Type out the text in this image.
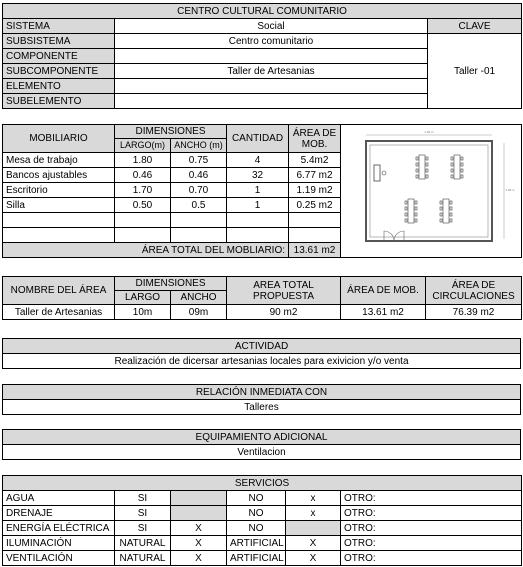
CENTRO CULTURAL COMUNITARIO		
SISTEMA	Social	CLAVE
SUBSISTEMA	Centro comunitario	Taller -01
COMPONENTE		
SUBCOMPONENTE	Taller de Artesanias	
ELEMENTO		
SUBELEMENTO		
MOBILIARIO	DIMENSIONES		CANTIDAD	ÁREA DE MOB.	1.00 m
1.00 m

	LARGO(m)	ANCHO (m)			
Mesa de trabajo	1.80	0.75	4	5.4m2	
Bancos ajustables	0.46	0.46	32	6.77 m2	
Escritorio	1.70	0.70	1	1.19 m2	
Silla	0.50	0.5	1	0.25 m2	

ÁREA TOTAL DEL MOBLIARIO:				13.61 m2	
NOMBRE DEL ÁREA	DIMENSIONES		AREA TOTAL PROPUESTA	ÁREA DE MOB.	ÁREA DE CIRCULACIONES
	LARGO	ANCHO			
Taller de Artesanias	10m	09m	90 m2	13.61 m2	76.39 m2
ACTIVIDAD
Realización de dicersar artesanias locales para exivicion y/o venta
RELACIÓN INMEDIATA CON
Talleres
EQUIPAMIENTO ADICIONAL
Ventilacion
SERVICIOS					
AGUA	SI		NO	x	OTRO:
DRENAJE	SI		NO	x	OTRO:
ENERGÍA ELÉCTRICA	SI	X	NO		OTRO:
ILUMINACIÓN	NATURAL	X	ARTIFICIAL	X	OTRO:
VENTILACIÓN	NATURAL	X	ARTIFICIAL	X	OTRO:
